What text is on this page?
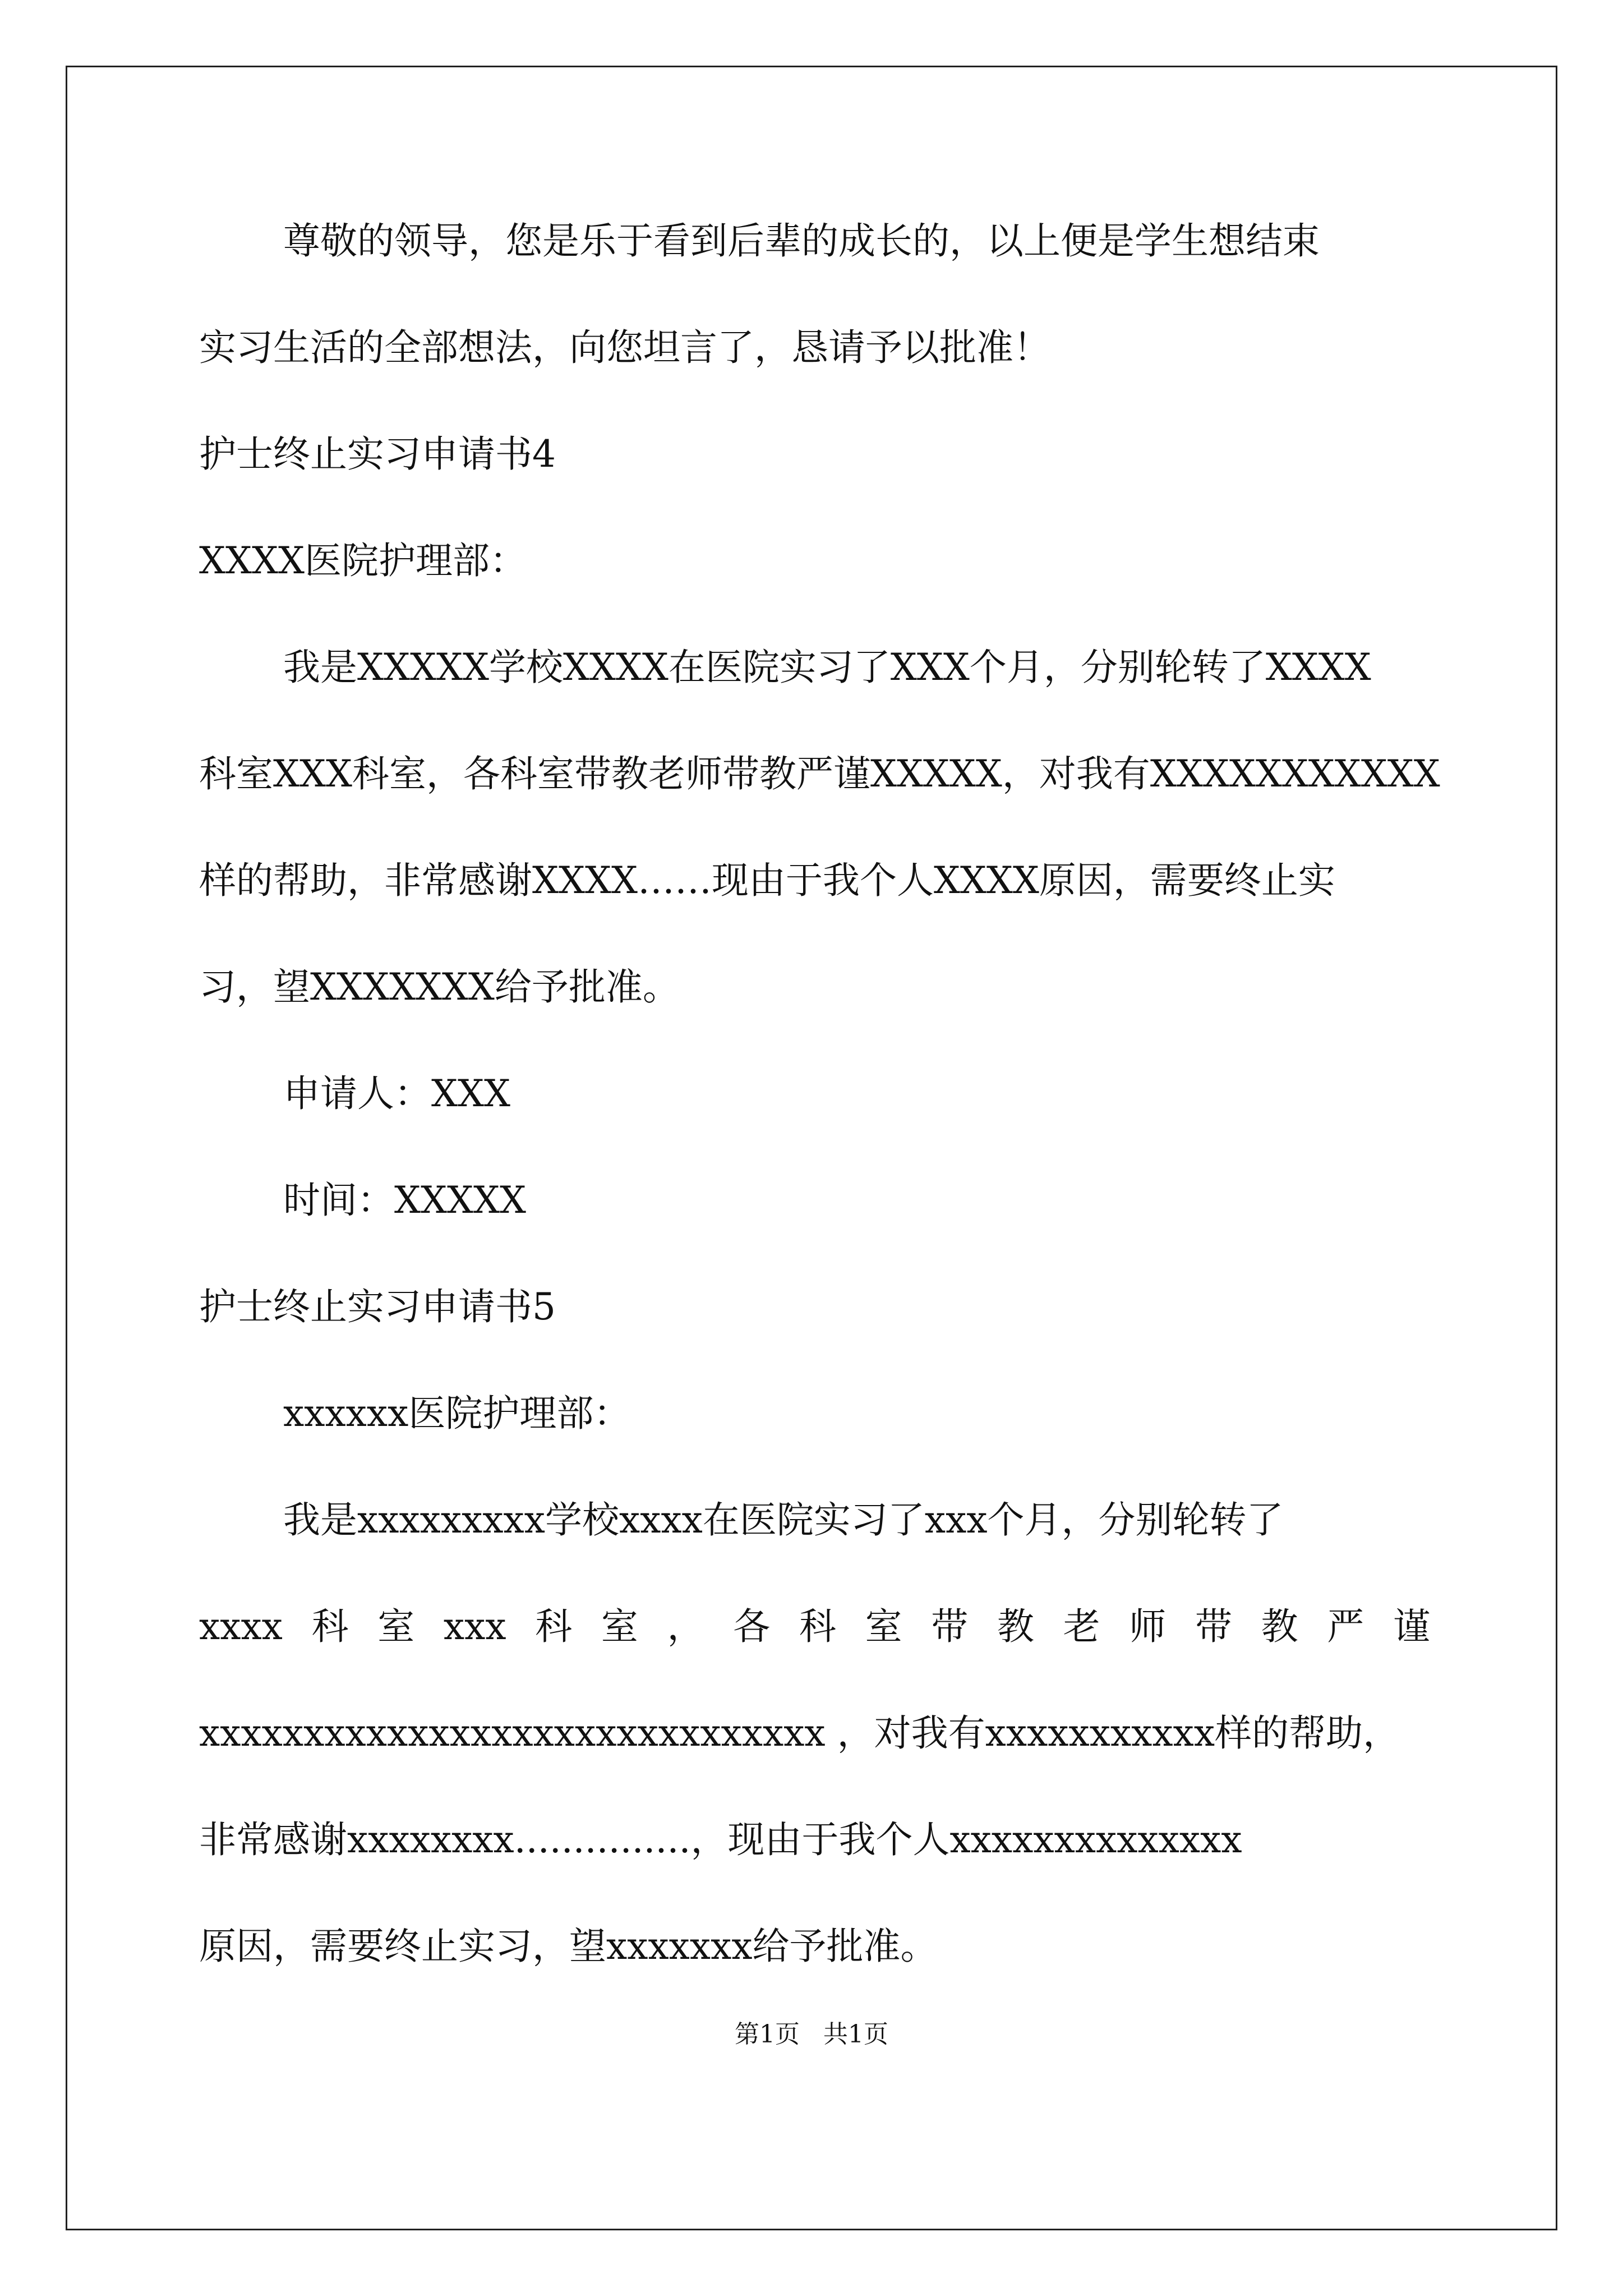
尊敬的领导，您是乐于看到后辈的成长的，以上便是学生想结束

实习生活的全部想法，向您坦言了，恳请予以批准！

护士终止实习申请书4

XXXX医院护理部：

我是XXXXX学校XXXX在医院实习了XXX个月，分别轮转了XXXX

科室XXX科室，各科室带教老师带教严谨XXXXX，对我有XXXXXXXXXXX

样的帮助，非常感谢XXXX……现由于我个人XXXX原因，需要终止实

习，望XXXXXXX给予批准。

申请人：XXX

时间：XXXXX

护士终止实习申请书5

xxxxxx医院护理部：

我是xxxxxxxxx学校xxxx在医院实习了xxx个月，分别轮转了

xxxx 科 室 xxx 科 室 ， 各 科 室 带 教 老 师 带 教 严 谨

xxxxxxxxxxxxxxxxxxxxxxxxxxxxxx ，对我有xxxxxxxxxxx样的帮助，

非常感谢xxxxxxxx...............，现由于我个人xxxxxxxxxxxxxx

原因，需要终止实习，望xxxxxxx给予批准。

第1页   共1页
